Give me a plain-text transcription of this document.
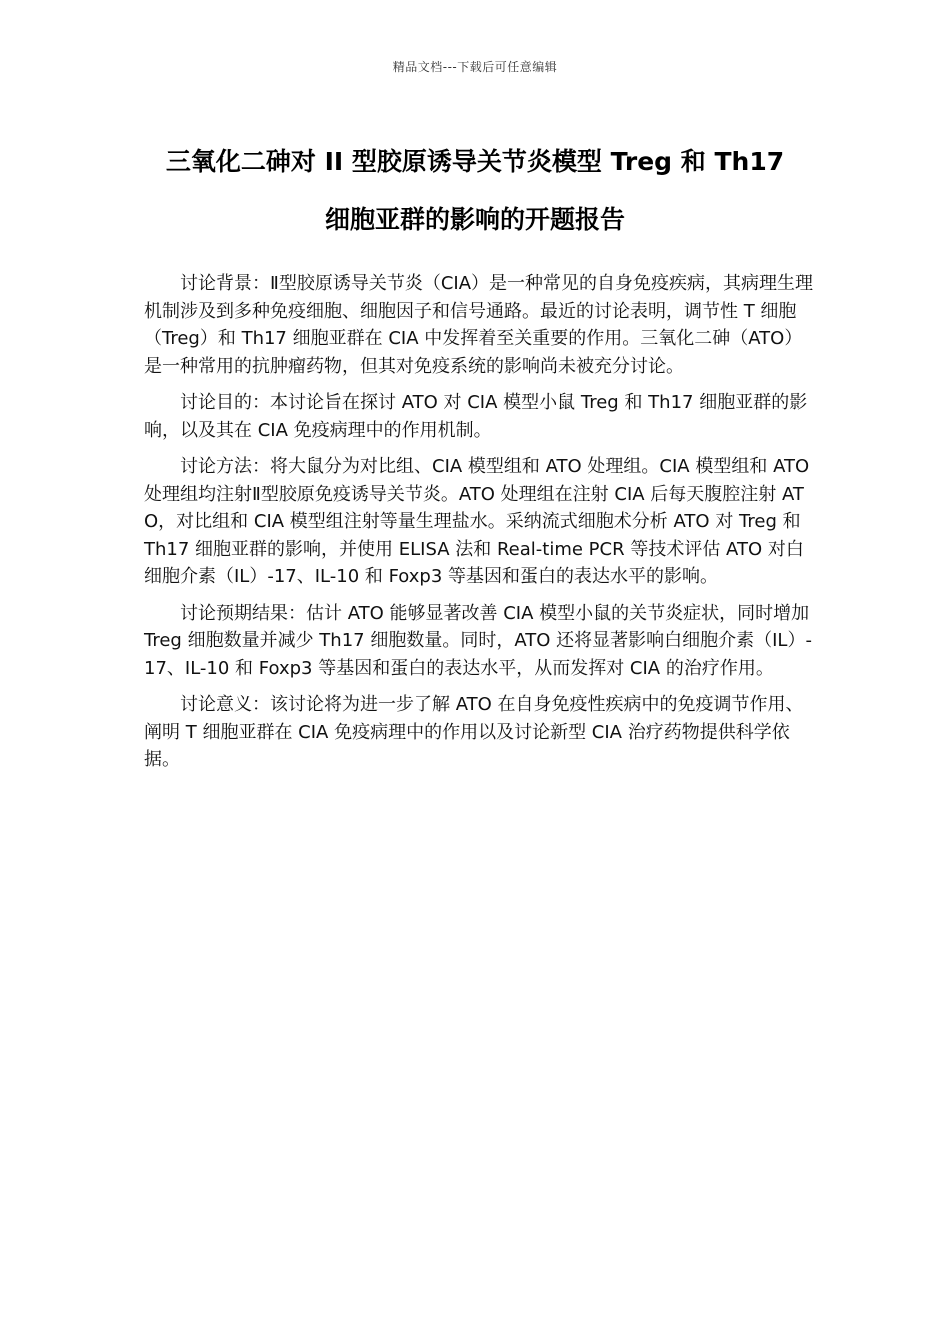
精品文档---下载后可任意编辑
三氧化二砷对 II 型胶原诱导关节炎模型 Treg 和 Th17
细胞亚群的影响的开题报告

讨论背景：Ⅱ型胶原诱导关节炎（CIA）是一种常见的自身免疫疾病，其病理生理机制涉及到多种免疫细胞、细胞因子和信号通路。最近的讨论表明，调节性 T 细胞（Treg）和 Th17 细胞亚群在 CIA 中发挥着至关重要的作用。三氧化二砷（ATO）是一种常用的抗肿瘤药物，但其对免疫系统的影响尚未被充分讨论。

讨论目的：本讨论旨在探讨 ATO 对 CIA 模型小鼠 Treg 和 Th17 细胞亚群的影响，以及其在 CIA 免疫病理中的作用机制。

讨论方法：将大鼠分为对比组、CIA 模型组和 ATO 处理组。CIA 模型组和 ATO 处理组均注射Ⅱ型胶原免疫诱导关节炎。ATO 处理组在注射 CIA 后每天腹腔注射 ATO，对比组和 CIA 模型组注射等量生理盐水。采纳流式细胞术分析 ATO 对 Treg 和 Th17 细胞亚群的影响，并使用 ELISA 法和 Real-time PCR 等技术评估 ATO 对白细胞介素（IL）-17、IL-10 和 Foxp3 等基因和蛋白的表达水平的影响。

讨论预期结果：估计 ATO 能够显著改善 CIA 模型小鼠的关节炎症状，同时增加 Treg 细胞数量并减少 Th17 细胞数量。同时，ATO 还将显著影响白细胞介素（IL）-17、IL-10 和 Foxp3 等基因和蛋白的表达水平，从而发挥对 CIA 的治疗作用。

讨论意义：该讨论将为进一步了解 ATO 在自身免疫性疾病中的免疫调节作用、阐明 T 细胞亚群在 CIA 免疫病理中的作用以及讨论新型 CIA 治疗药物提供科学依据。
